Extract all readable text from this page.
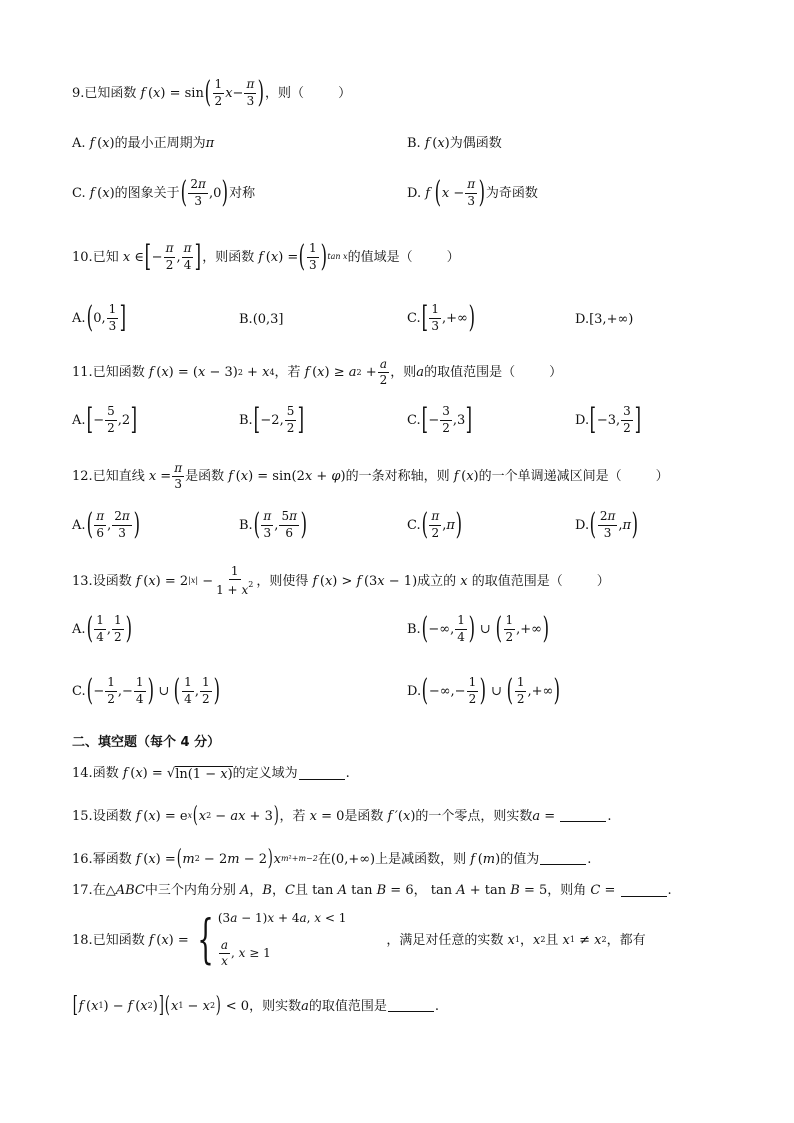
9. 已知函数 f  ( x ) = sin ( $\frac{1}{2}$ $x - \frac{\pi}{3}$ ) ，则（	）
A. f  ( x ) 的最小正周期为 π	B. f  ( x ) 为偶函数
C. f  ( x ) 的图象关于 ( $\frac{2\pi}{3} ,0$ ) 对称	D. f ( $x - \frac{\pi}{3}$ ) 为奇函数
10. 已知 x ∈ [ − $\frac{\pi}{2}$ , $\frac{\pi}{4}$ ] ，则函数 f  ( x ) = ( $\frac{1}{3}$ ) tan x 的值域是（	）
A. ( 0, $\frac{1}{3}$ ]	B. (0,3]	C. [ $\frac{1}{3}$ ,+∞ )	D. [3,+∞)
11. 已知函数 f  ( x ) = ( x − 3) 2 + x 4 ，若 f  ( x ) ≥ a $2 + \frac{a}{2}$ ，则 a 的取值范围是（	）
A. [ − $\frac{5}{2} ,2$ ]	B. [ −2, $\frac{5}{2}$ ]	C. [ − $\frac{3}{2} ,3$ ]	D. [ −3, $\frac{3}{2}$ ]
12. 已知直线 $x = \frac{\pi}{3}$ 是函数 f  ( x ) = sin(2 x + φ ) 的一条对称轴，则 f  ( x ) 的一个单调递减区间是（	）
A. ( $\frac{\pi}{6}$ , $\frac{2\pi}{3}$ )	B. ( $\frac{\pi}{3}$ , $\frac{5\pi}{6}$ )	C. ( $\frac{\pi}{2}$ , π )	D. ( $\frac{2\pi}{3}$ , π )
13. 设函数 f  ( x ) = 2 $|x| - \frac{1}{1 + x^2}$ ，则使得 f  ( x ) > f  (3 x − 1) 成立的 x 的取值范围是（	）
A. ( $\frac{1}{4}$ , $\frac{1}{2}$ )	B. ( −∞, $\frac{1}{4}$ ) ∪ ( $\frac{1}{2}$ ,+∞ )
C. ( − $\frac{1}{2}$ ,− $\frac{1}{4}$ ) ∪ ( $\frac{1}{4}$ , $\frac{1}{2}$ )	D. ( −∞,− $\frac{1}{2}$ ) ∪ ( $\frac{1}{2}$ ,+∞ )
二、填空题（每个 4 分）
14. 函数 f  ( x ) = √ ln(1 − x) 的定义域为	.
15. 设函数 f  ( x ) = e x ( x 2 − ax + 3 ) ，若 x = 0 是函数 f ′ ( x ) 的一个零点，则实数 a =	.
16. 幂函数 f  ( x ) = ( m 2 − 2 m − 2 ) x m²+m−2 在 (0,+∞) 上是减函数，则 f  ( m ) 的值为	.
17. 在 △ ABC 中三个内角分别 A ， B ， C 且 tan A tan B = 6 ， tan A + tan B = 5 ，则角 C =	.
18. 已知函数 f  ( x ) = { (3a − 1)x + 4a, x < 1
$\frac{a}{x}$ , x ≥ 1
，满足对任意的实数 x 1 ， x 2 且 x 1 ≠ x 2 ，都有
[ f  ( x 1 ) − f  ( x 2 ) ] ( x 1 − x 2 ) < 0 ，则实数 a 的取值范围是	.
